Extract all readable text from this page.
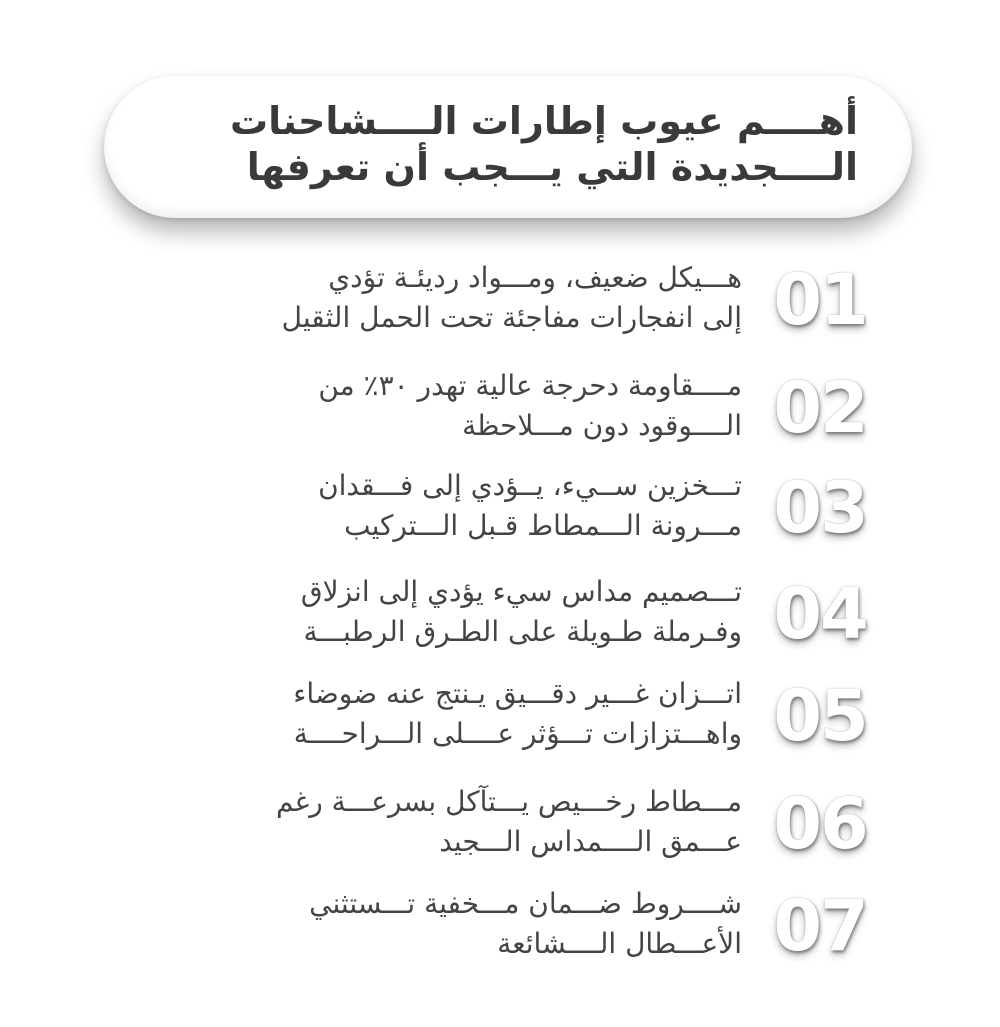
أهــــم عيوب إطارات الــــشاحنات
الــــجديدة التي يـــجب أن تعرفها
01
هـــيكل ضعيف، ومـــواد رديئـة تؤدي
إلى انفجارات مفاجئة تحت الحمل الثقيل
02
مــــقاومة دحرجة عالية تهدر ٣٠٪ من
الــــوقود دون مـــلاحظة
03
تـــخزين ســيء، يــؤدي إلى فـــقدان
مـــرونة الـــمطاط قـبل الـــتركيب
04
تـــصميم مداس سيء يؤدي إلى انزلاق
وفـرملة طـويلة على الطـرق الرطبـــة
05
اتـــزان غـــير دقـــيق يـنتج عنه ضوضاء
واهـــتزازات تـــؤثر عــــلى الـــراحــــة
06
مـــطاط رخـــيص يـــتآكل بسرعـــة رغم
عـــمق الــــمداس الـــجيد
07
شــــروط ضـــمان مـــخفية تـــستثني
الأعـــطال الــــشائعة
